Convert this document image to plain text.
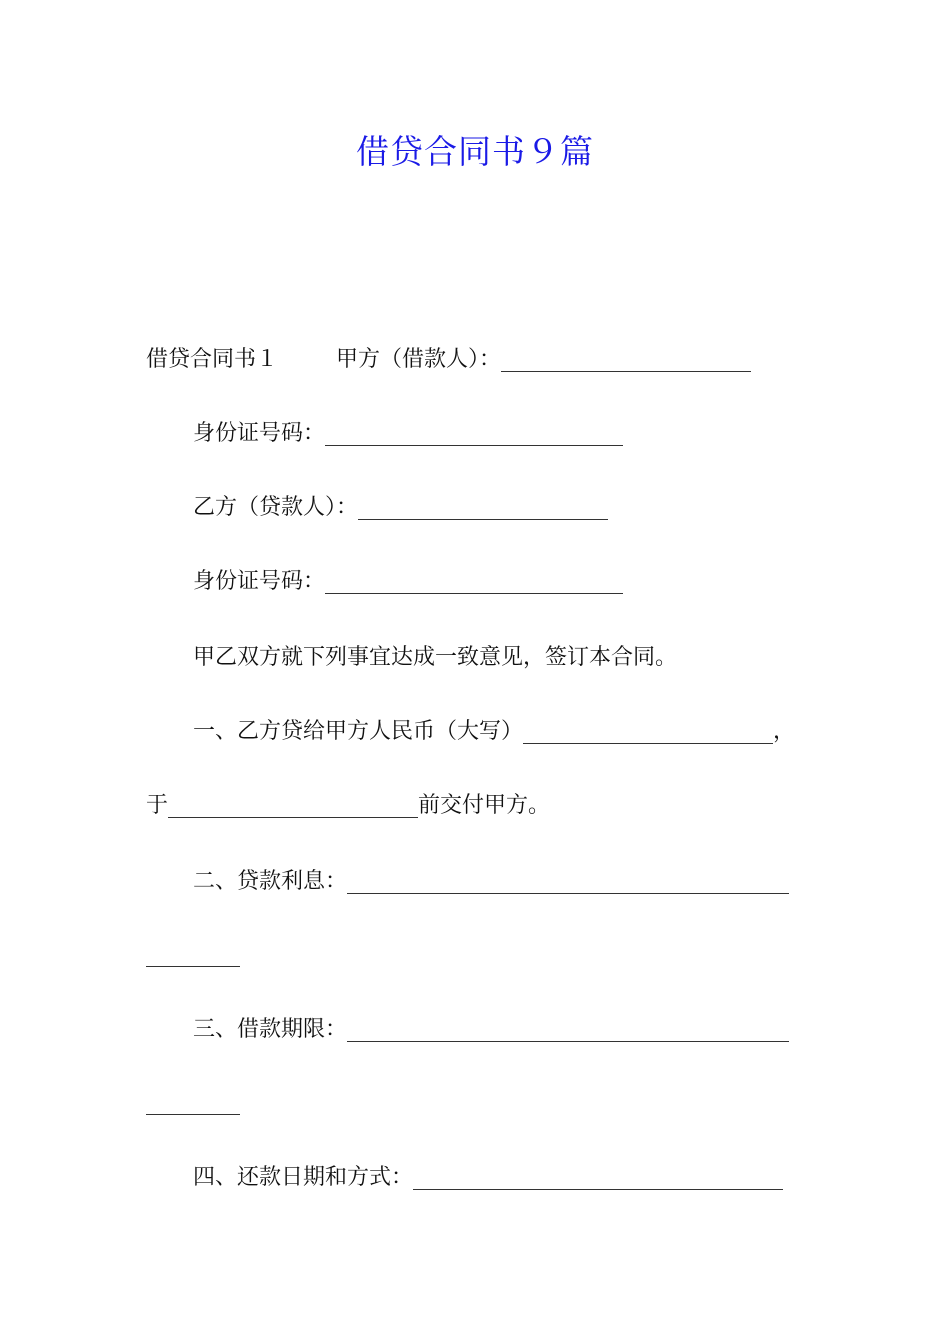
借贷合同书９篇
借贷合同书１	甲方（借款人）：
身份证号码：
乙方（贷款人）：
身份证号码：
甲乙双方就下列事宜达成一致意见，签订本合同。
一、乙方贷给甲方人民币（大写）	，
于	前交付甲方。
二、贷款利息：
三、借款期限：
四、还款日期和方式：
